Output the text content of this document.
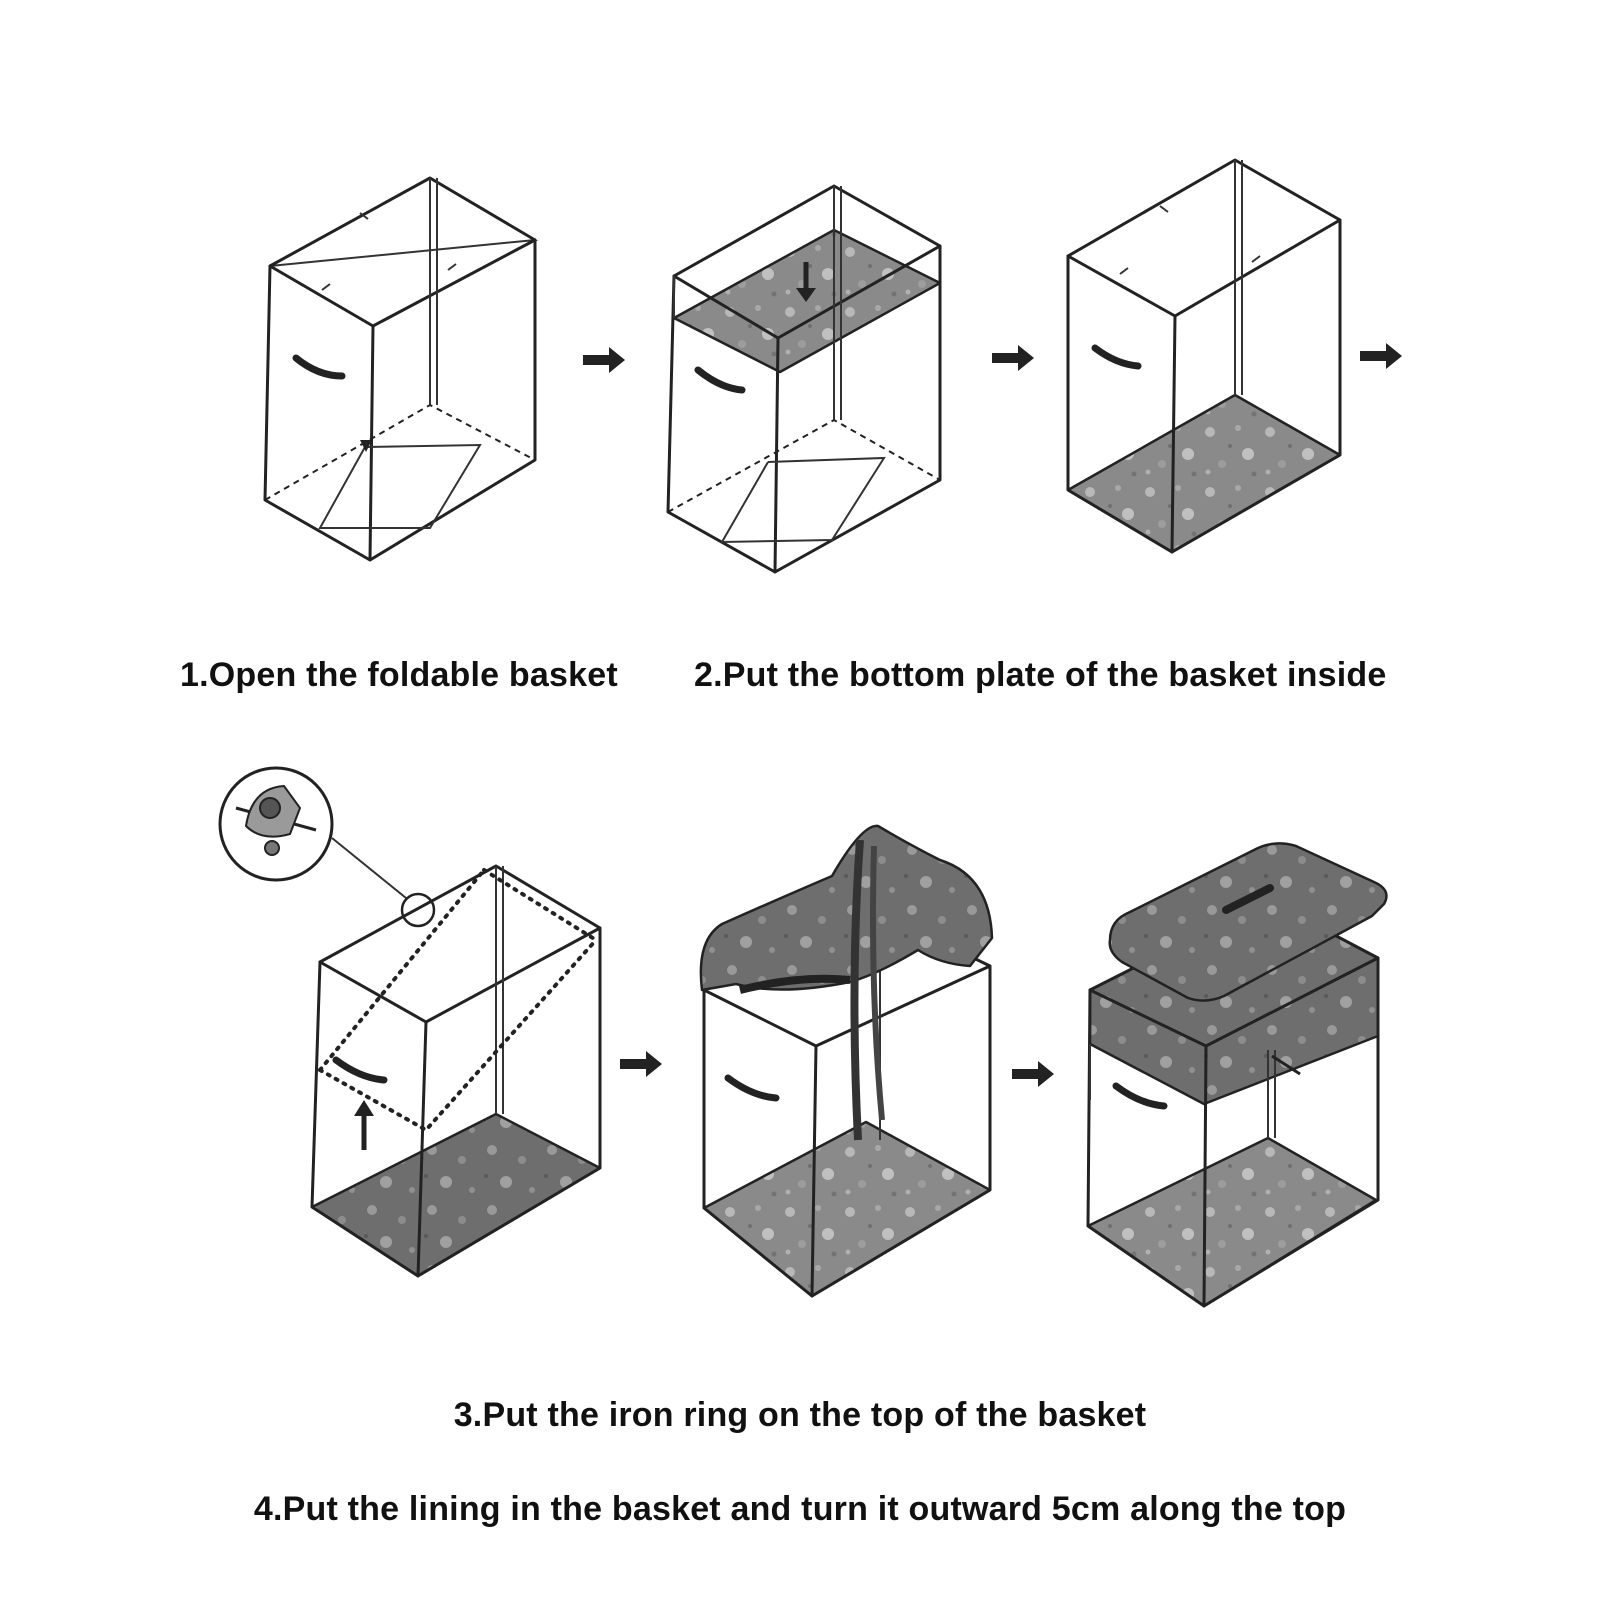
1.Open the foldable basket 2.Put the bottom plate of the basket inside

3.Put the iron ring on the top of the basket

4.Put the lining in the basket and turn it outward 5cm along the top
